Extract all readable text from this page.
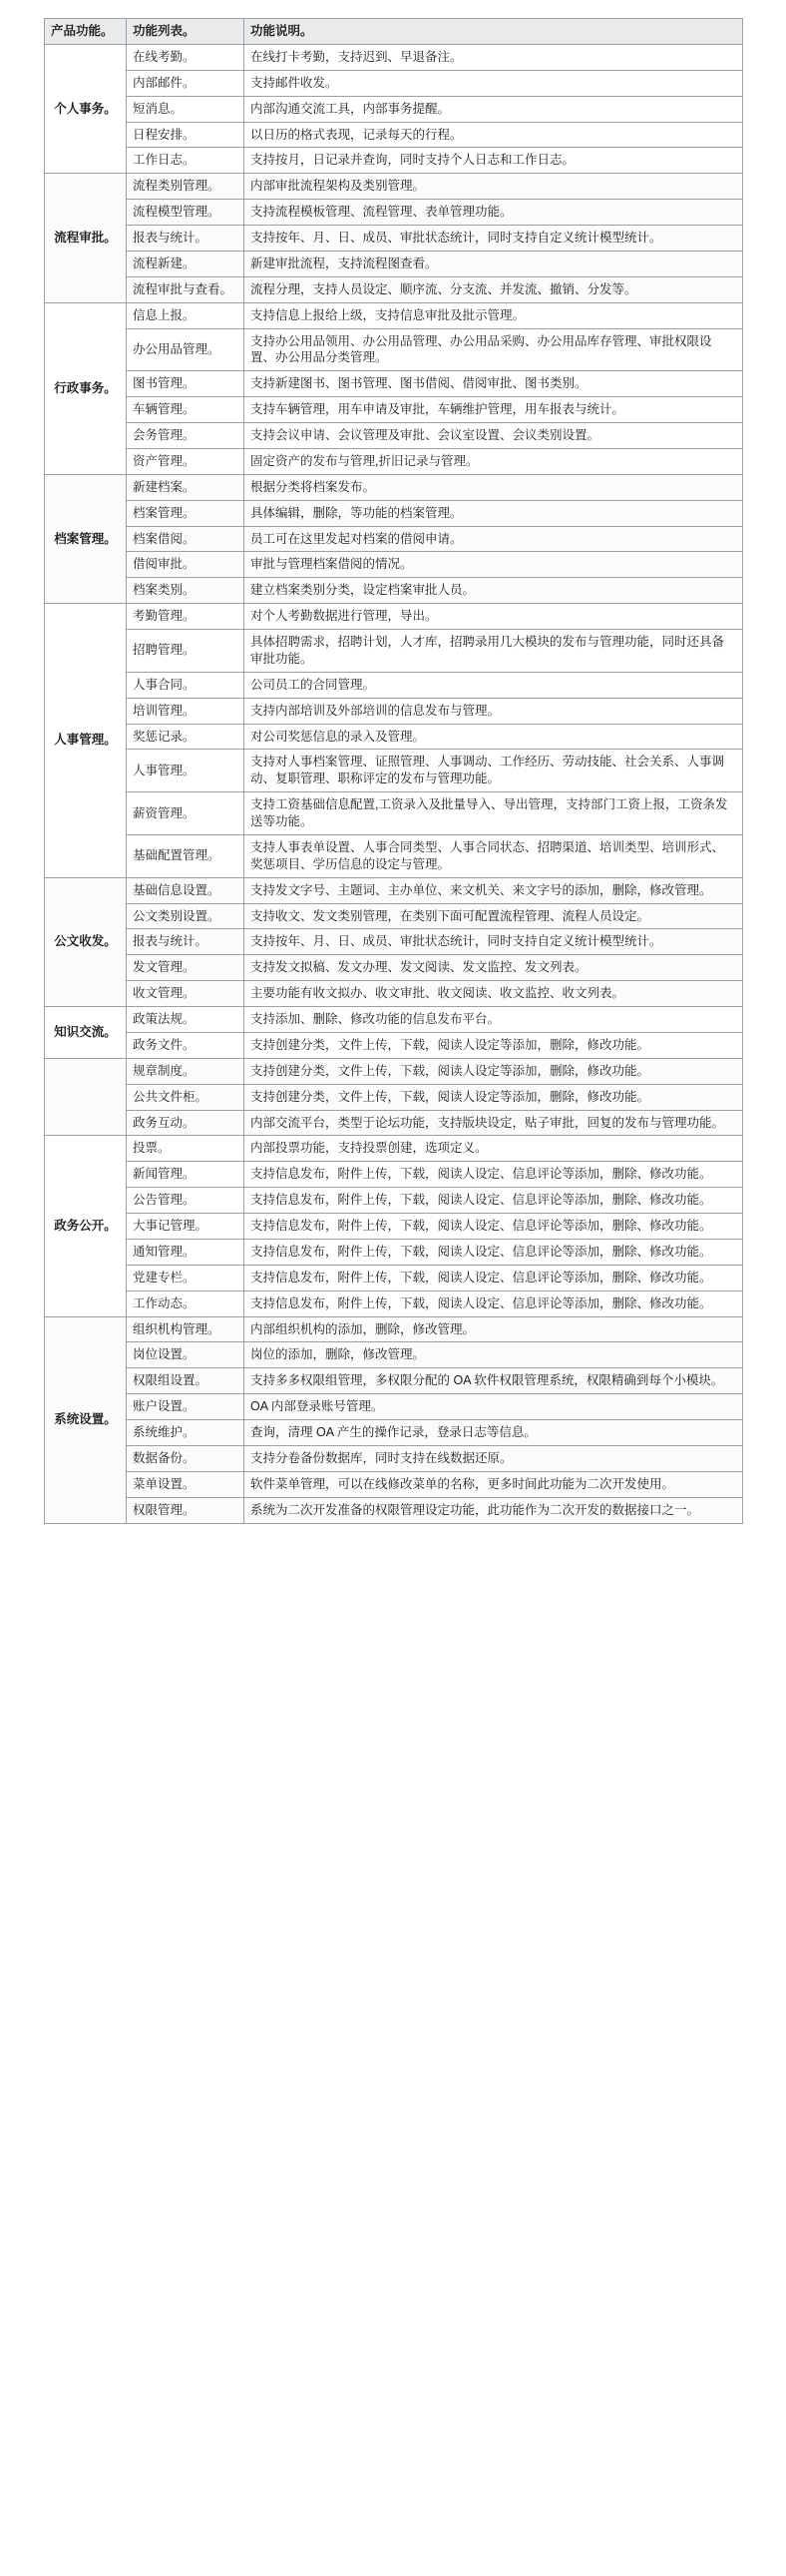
产品功能。	功能列表。	功能说明。
个人事务。	在线考勤。	在线打卡考勤，支持迟到、早退备注。
	内部邮件。	支持邮件收发。
	短消息。	内部沟通交流工具，内部事务提醒。
	日程安排。	以日历的格式表现，记录每天的行程。
	工作日志。	支持按月，日记录并查询，同时支持个人日志和工作日志。
流程审批。	流程类别管理。	内部审批流程架构及类别管理。
	流程模型管理。	支持流程模板管理、流程管理、表单管理功能。
	报表与统计。	支持按年、月、日、成员、审批状态统计，同时支持自定义统计模型统计。
	流程新建。	新建审批流程，支持流程图查看。
	流程审批与查看。	流程分理，支持人员设定、顺序流、分支流、并发流、撤销、分发等。
行政事务。	信息上报。	支持信息上报给上级，支持信息审批及批示管理。
	办公用品管理。	支持办公用品领用、办公用品管理、办公用品采购、办公用品库存管理、审批权限设置、办公用品分类管理。
	图书管理。	支持新建图书、图书管理、图书借阅、借阅审批、图书类别。
	车辆管理。	支持车辆管理，用车申请及审批，车辆维护管理，用车报表与统计。
	会务管理。	支持会议申请、会议管理及审批、会议室设置、会议类别设置。
	资产管理。	固定资产的发布与管理,折旧记录与管理。
档案管理。	新建档案。	根据分类将档案发布。
	档案管理。	具体编辑，删除，等功能的档案管理。
	档案借阅。	员工可在这里发起对档案的借阅申请。
	借阅审批。	审批与管理档案借阅的情况。
	档案类别。	建立档案类别分类，设定档案审批人员。
人事管理。	考勤管理。	对个人考勤数据进行管理，导出。
	招聘管理。	具体招聘需求，招聘计划，人才库，招聘录用几大模块的发布与管理功能，同时还具备审批功能。
	人事合同。	公司员工的合同管理。
	培训管理。	支持内部培训及外部培训的信息发布与管理。
	奖惩记录。	对公司奖惩信息的录入及管理。
	人事管理。	支持对人事档案管理、证照管理、人事调动、工作经历、劳动技能、社会关系、人事调动、复职管理、职称评定的发布与管理功能。
	薪资管理。	支持工资基础信息配置,工资录入及批量导入、导出管理，支持部门工资上报，工资条发送等功能。
	基础配置管理。	支持人事表单设置、人事合同类型、人事合同状态、招聘渠道、培训类型、培训形式、奖惩项目、学历信息的设定与管理。
公文收发。	基础信息设置。	支持发文字号、主题词、主办单位、来文机关、来文字号的添加，删除，修改管理。
	公文类别设置。	支持收文、发文类别管理，在类别下面可配置流程管理、流程人员设定。
	报表与统计。	支持按年、月、日、成员、审批状态统计，同时支持自定义统计模型统计。
	发文管理。	支持发文拟稿、发文办理、发文阅读、发文监控、发文列表。
	收文管理。	主要功能有收文拟办、收文审批、收文阅读、收文监控、收文列表。
知识交流。	政策法规。	支持添加、删除、修改功能的信息发布平台。
	政务文件。	支持创建分类，文件上传，下载，阅读人设定等添加，删除，修改功能。
	规章制度。	支持创建分类，文件上传，下载，阅读人设定等添加，删除，修改功能。
	公共文件柜。	支持创建分类，文件上传，下载，阅读人设定等添加，删除，修改功能。
	政务互动。	内部交流平台，类型于论坛功能，支持版块设定，贴子审批，回复的发布与管理功能。
政务公开。	投票。	内部投票功能，支持投票创建，选项定义。
	新闻管理。	支持信息发布，附件上传，下载，阅读人设定、信息评论等添加，删除、修改功能。
	公告管理。	支持信息发布，附件上传，下载，阅读人设定、信息评论等添加，删除、修改功能。
	大事记管理。	支持信息发布，附件上传，下载，阅读人设定、信息评论等添加，删除、修改功能。
	通知管理。	支持信息发布，附件上传，下载，阅读人设定、信息评论等添加，删除、修改功能。
	党建专栏。	支持信息发布，附件上传，下载，阅读人设定、信息评论等添加，删除、修改功能。
	工作动态。	支持信息发布，附件上传，下载，阅读人设定、信息评论等添加，删除、修改功能。
系统设置。	组织机构管理。	内部组织机构的添加，删除，修改管理。
	岗位设置。	岗位的添加，删除，修改管理。
	权限组设置。	支持多多权限组管理，多权限分配的 OA 软件权限管理系统，权限精确到每个小模块。
	账户设置。	OA 内部登录账号管理。
	系统维护。	查询，清理 OA 产生的操作记录，登录日志等信息。
	数据备份。	支持分卷备份数据库，同时支持在线数据还原。
	菜单设置。	软件菜单管理，可以在线修改菜单的名称，更多时间此功能为二次开发使用。
	权限管理。	系统为二次开发准备的权限管理设定功能，此功能作为二次开发的数据接口之一。
